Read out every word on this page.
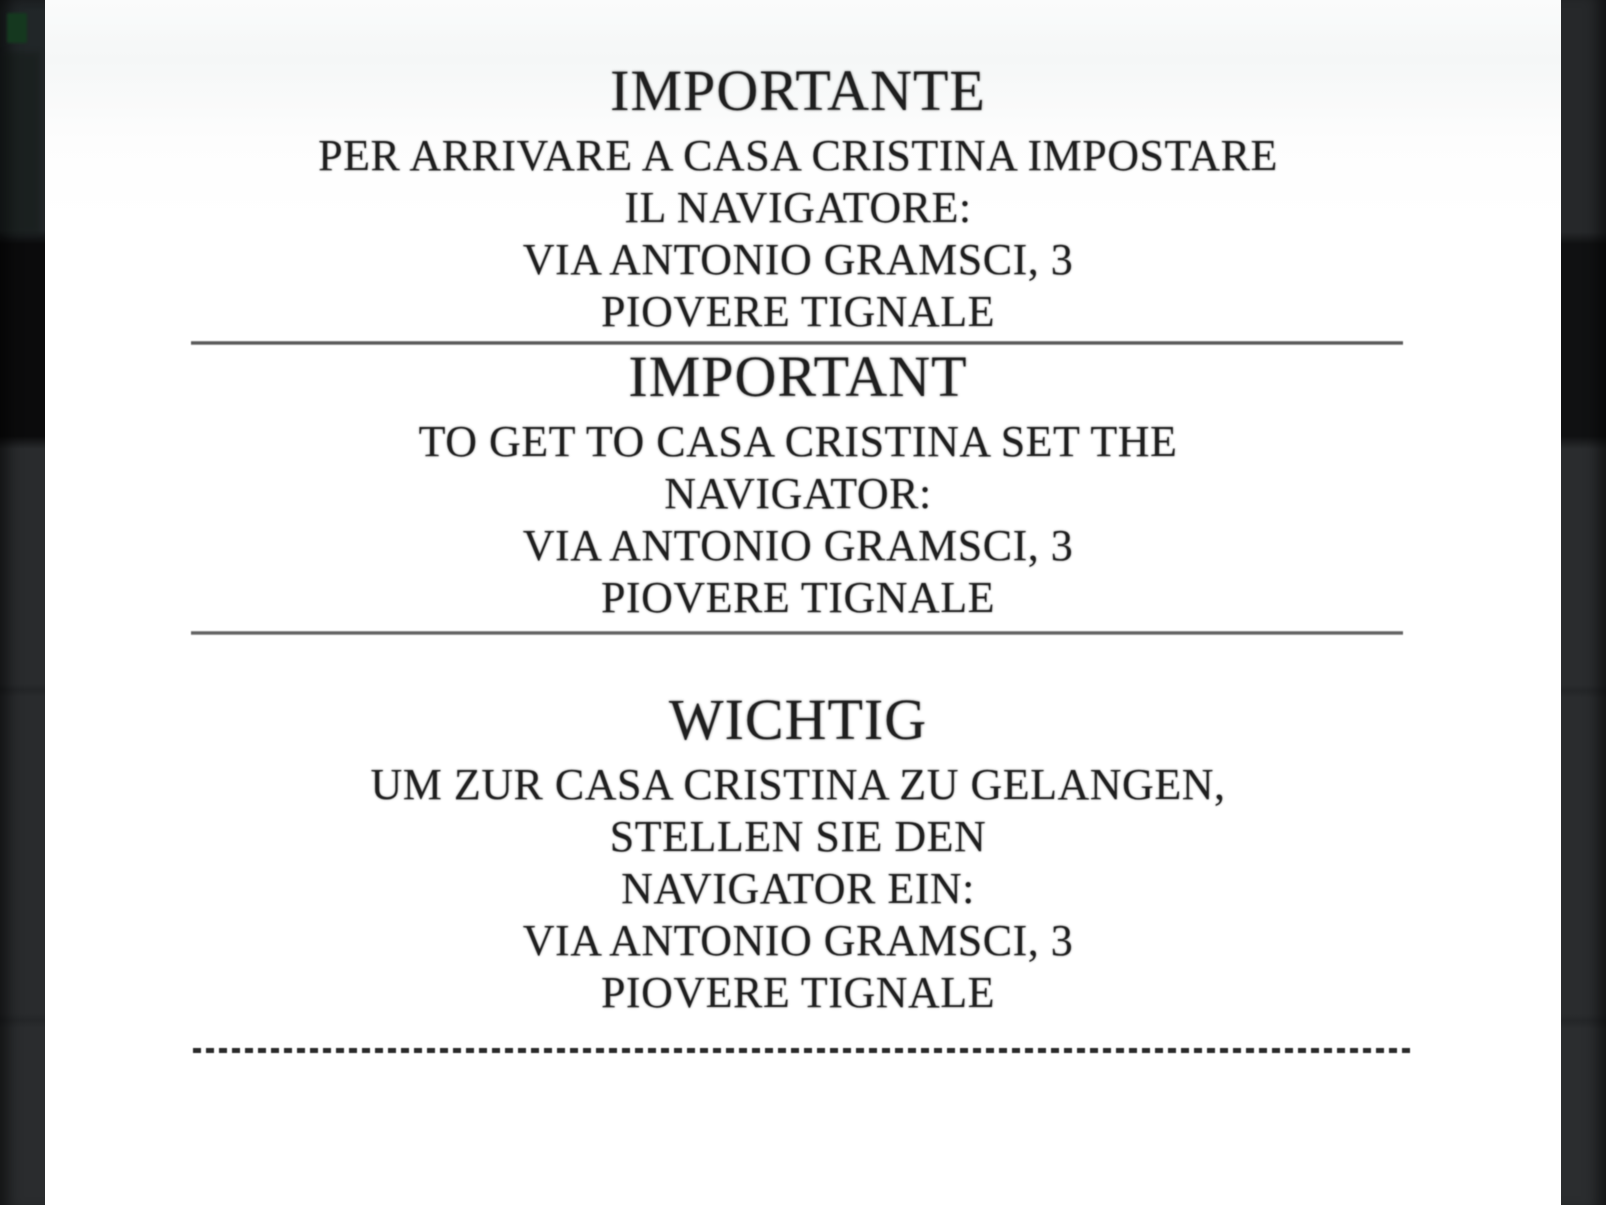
IMPORTANTE

PER ARRIVARE A CASA CRISTINA IMPOSTARE

IL NAVIGATORE:

VIA ANTONIO GRAMSCI, 3

PIOVERE TIGNALE

IMPORTANT

TO GET TO CASA CRISTINA SET THE

NAVIGATOR:

VIA ANTONIO GRAMSCI, 3

PIOVERE TIGNALE

WICHTIG

UM ZUR CASA CRISTINA ZU GELANGEN,

STELLEN SIE DEN

NAVIGATOR EIN:

VIA ANTONIO GRAMSCI, 3

PIOVERE TIGNALE
